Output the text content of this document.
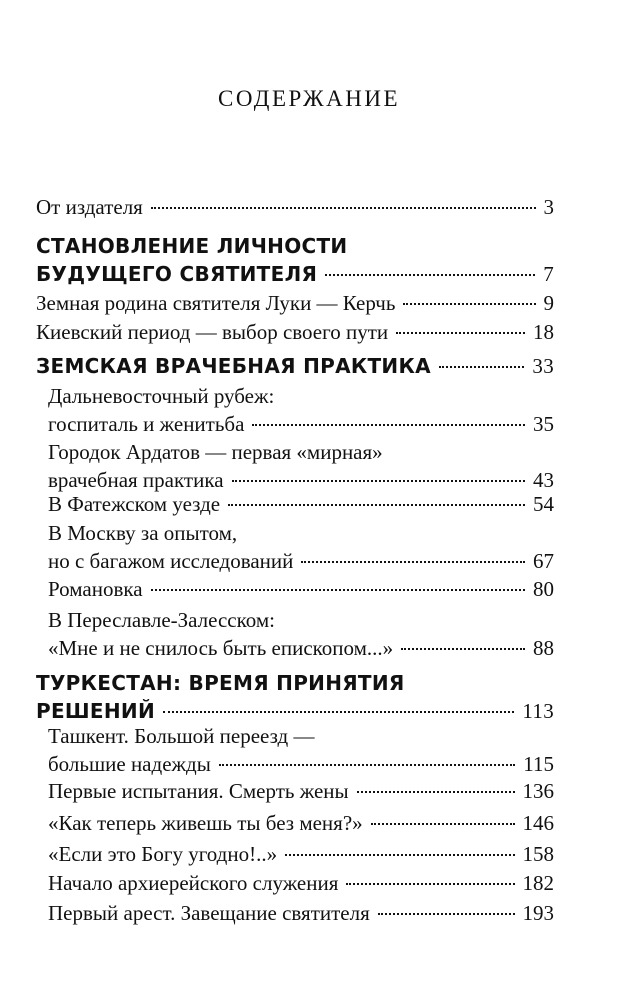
СОДЕРЖАНИЕ
От издателя	3
СТАНОВЛЕНИЕ ЛИЧНОСТИ
БУДУЩЕГО СВЯТИТЕЛЯ	7
Земная родина святителя Луки — Керчь	9
Киевский период — выбор своего пути	18
ЗЕМСКАЯ ВРАЧЕБНАЯ ПРАКТИКА	33
Дальневосточный рубеж:
госпиталь и женитьба	35
Городок Ардатов — первая «мирная»
врачебная практика	43
В Фатежском уезде	54
В Москву за опытом,
но с багажом исследований	67
Романовка	80
В Переславле-Залесском:
«Мне и не снилось быть епископом...»	88
ТУРКЕСТАН: ВРЕМЯ ПРИНЯТИЯ
РЕШЕНИЙ	113
Ташкент. Большой переезд —
большие надежды	115
Первые испытания. Смерть жены	136
«Как теперь живешь ты без меня?»	146
«Если это Богу угодно!..»	158
Начало архиерейского служения	182
Первый арест. Завещание святителя	193
